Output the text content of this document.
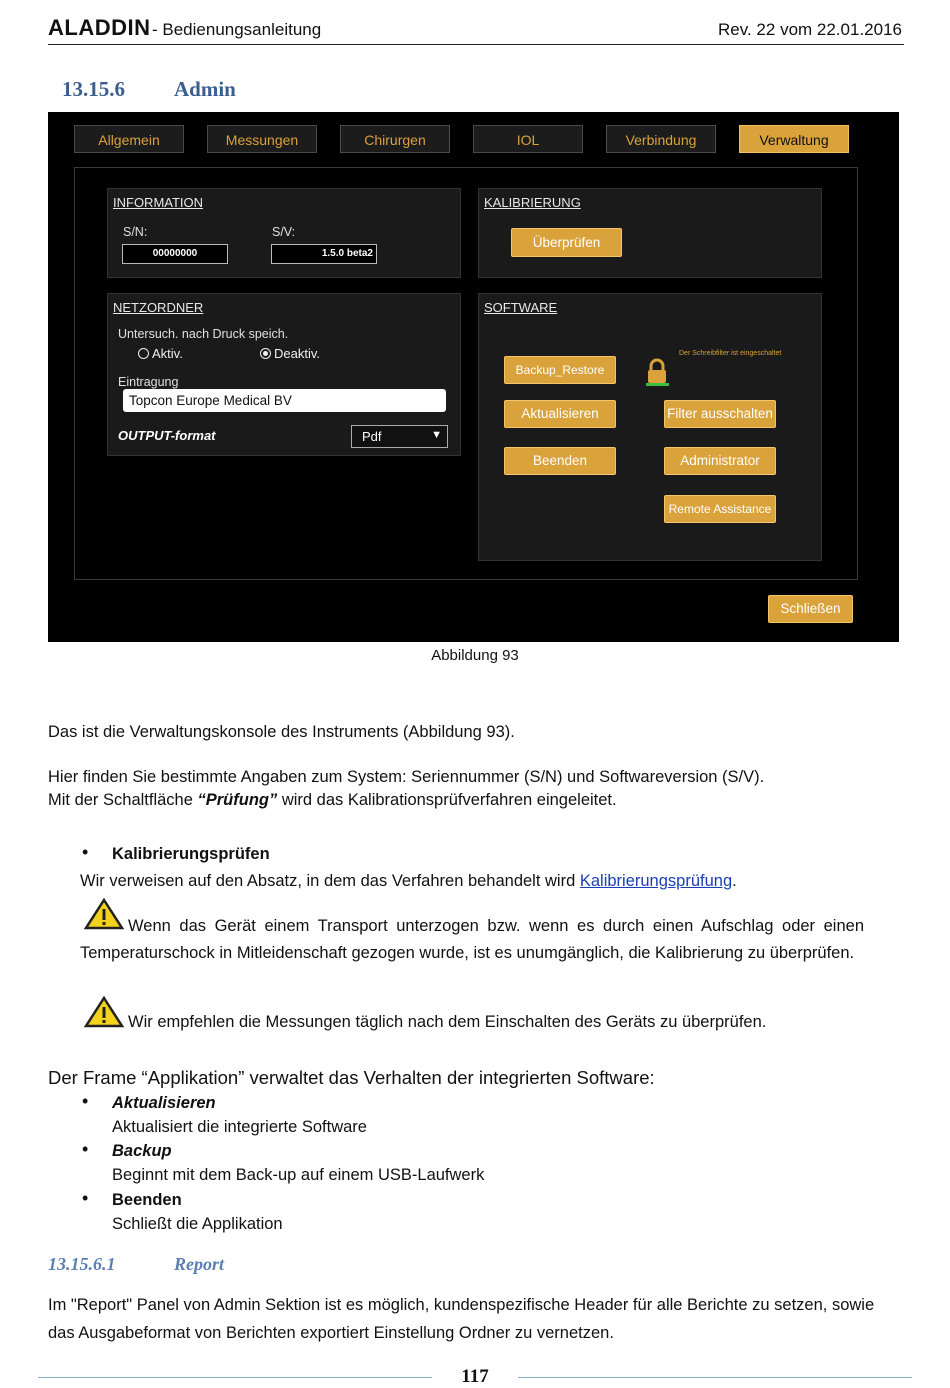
ALADDIN - Bedienungsanleitung	Rev. 22 vom 22.01.2016
13.15.6 Admin
Allgemein	Messungen	Chirurgen	IOL	Verbindung	Verwaltung
INFORMATION
S/N:
00000000
S/V:
1.5.0 beta2
KALIBRIERUNG
Überprüfen
NETZORDNER
Untersuch. nach Druck speich.
Aktiv.	Deaktiv.
Eintragung
Topcon Europe Medical BV
OUTPUT-format	Pdf	▼
SOFTWARE
Der Schreibfilter ist eingeschaltet
Backup_Restore
Aktualisieren	Filter ausschalten
Beenden	Administrator
Remote Assistance
Schließen
Abbildung 93
Das ist die Verwaltungskonsole des Instruments (Abbildung 93).
Hier finden Sie bestimmte Angaben zum System: Seriennummer (S/N) und Softwareversion (S/V).
Mit der Schaltfläche “Prüfung” wird das Kalibrationsprüfverfahren eingeleitet.
• Kalibrierungsprüfen
Wir verweisen auf den Absatz, in dem das Verfahren behandelt wird Kalibrierungsprüfung.
Wenn das Gerät einem Transport unterzogen bzw. wenn es durch einen Aufschlag oder einen Temperaturschock in Mitleidenschaft gezogen wurde, ist es unumgänglich, die Kalibrierung zu überprüfen.
Wir empfehlen die Messungen täglich nach dem Einschalten des Geräts zu überprüfen.
Der Frame “Applikation” verwaltet das Verhalten der integrierten Software:
• Aktualisieren
Aktualisiert die integrierte Software
• Backup
Beginnt mit dem Back-up auf einem USB-Laufwerk
• Beenden
Schließt die Applikation
13.15.6.1	Report
Im "Report" Panel von Admin Sektion ist es möglich, kundenspezifische Header für alle Berichte zu setzen, sowie das Ausgabeformat von Berichten exportiert Einstellung Ordner zu vernetzen.
117
